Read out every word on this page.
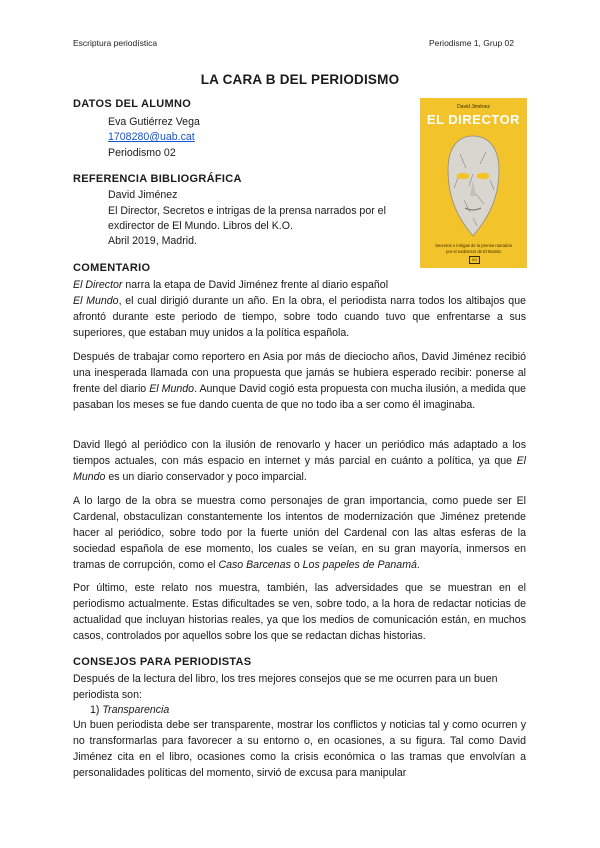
Escriptura periodística	Periodisme 1, Grup 02
LA CARA B DEL PERIODISMO
DATOS DEL ALUMNO
Eva Gutiérrez Vega
1708280@uab.cat
Periodismo 02
REFERENCIA BIBLIOGRÁFICA
David Jiménez
El Director, Secretos e intrigas de la prensa narrados por el
exdirector de El Mundo. Libros del K.O.
Abril 2019, Madrid.
David Jiménez
EL DIRECTOR
Secretos e intrigas de la prensa narrados por el exdirector de El Mundo
KO
COMENTARIO
El Director narra la etapa de David Jiménez frente al diario español

El Mundo, el cual dirigió durante un año. En la obra, el periodista narra todos los altibajos que afrontó durante este periodo de tiempo, sobre todo cuando tuvo que enfrentarse a sus superiores, que estaban muy unidos a la política española.

Después de trabajar como reportero en Asia por más de dieciocho años, David Jiménez recibió una inesperada llamada con una propuesta que jamás se hubiera esperado recibir: ponerse al frente del diario El Mundo. Aunque David cogió esta propuesta con mucha ilusión, a medida que pasaban los meses se fue dando cuenta de que no todo iba a ser como él imaginaba.

David llegó al periódico con la ilusión de renovarlo y hacer un periódico más adaptado a los tiempos actuales, con más espacio en internet y más parcial en cuánto a política, ya que El Mundo es un diario conservador y poco imparcial.

A lo largo de la obra se muestra como personajes de gran importancia, como puede ser El Cardenal, obstaculizan constantemente los intentos de modernización que Jiménez pretende hacer al periódico, sobre todo por la fuerte unión del Cardenal con las altas esferas de la sociedad española de ese momento, los cuales se veían, en su gran mayoría, inmersos en tramas de corrupción, como el Caso Barcenas o Los papeles de Panamá.

Por último, este relato nos muestra, también, las adversidades que se muestran en el periodismo actualmente. Estas dificultades se ven, sobre todo, a la hora de redactar noticias de actualidad que incluyan historias reales, ya que los medios de comunicación están, en muchos casos, controlados por aquellos sobre los que se redactan dichas historias.

CONSEJOS PARA PERIODISTAS

Después de la lectura del libro, los tres mejores consejos que se me ocurren para un buen periodista son:

1) Transparencia

Un buen periodista debe ser transparente, mostrar los conflictos y noticias tal y como ocurren y no transformarlas para favorecer a su entorno o, en ocasiones, a su figura. Tal como David Jiménez cita en el libro, ocasiones como la crisis económica o las tramas que envolvían a personalidades políticas del momento, sirvió de excusa para manipular
